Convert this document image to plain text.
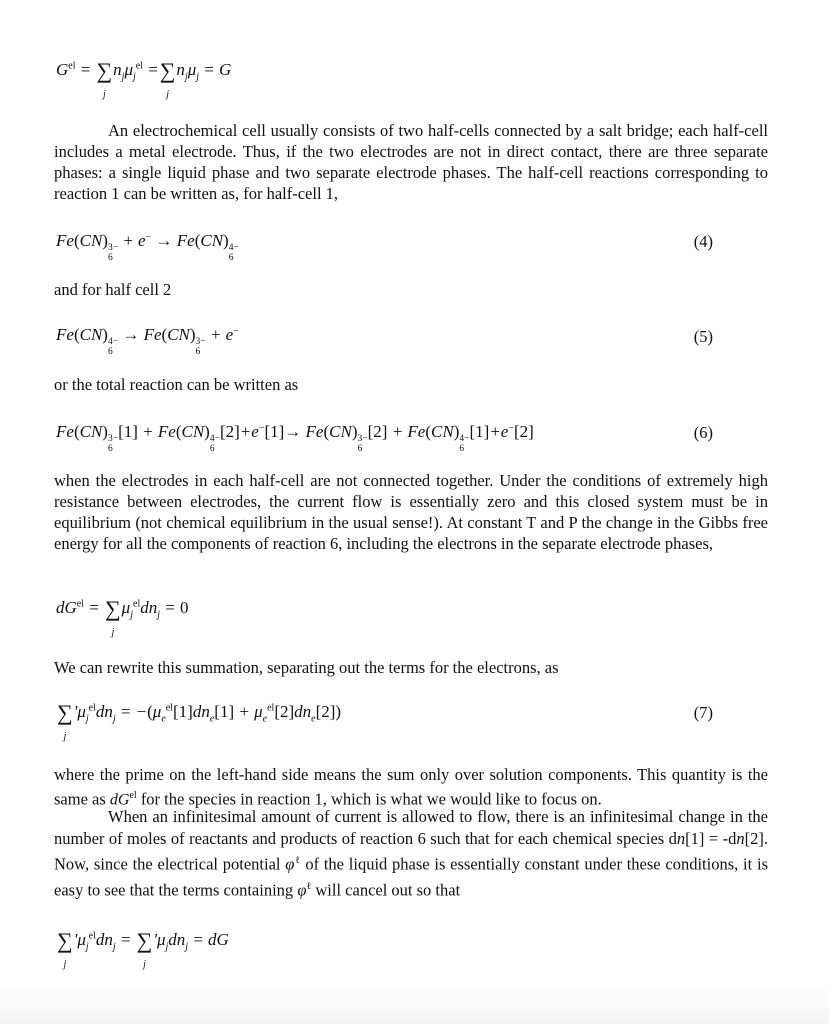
$G^{el}$ = ∑
j
$n_j\mu_j^{el}$ =∑
j
$n_j\mu_j = G$

An electrochemical cell usually consists of two half-cells connected by a salt bridge; each half-cell includes a metal electrode. Thus, if the two electrodes are not in direct contact, there are three separate phases: a single liquid phase and two separate electrode phases. The half-cell reactions corresponding to reaction 1 can be written as, for half-cell 1,

Fe(CN) 3−
6
+ e− → Fe(CN) 4−
6
(4)

and for half cell 2

Fe(CN) 4−
6
→ Fe(CN) 3−
6
+ e−	(5)

or the total reaction can be written as

Fe(CN) 3−
6
[1] + Fe(CN) 4−
6
[2]+e−[1]→ Fe(CN) 3−
6
[2] + Fe(CN) 4−
6
[1]+e−[2]	(6)

when the electrodes in each half-cell are not connected together. Under the conditions of extremely high resistance between electrodes, the current flow is essentially zero and this closed system must be in equilibrium (not chemical equilibrium in the usual sense!). At constant T and P the change in the Gibbs free energy for all the components of reaction 6, including the electrons in the separate electrode phases,

$dG^{el}$ = ∑
j
$\mu_j^{el}dn_j = 0$

We can rewrite this summation, separating out the terms for the electrons, as

∑
j
'$\mu_j^{el}dn_j = -(\mu_e^{el}[1]dn_e[1] + \mu_e^{el}[2]dn_e[2])$	(7)

where the prime on the left-hand side means the sum only over solution components. This quantity is the same as $dG^{el}$ for the species in reaction 1, which is what we would like to focus on.

When an infinitesimal amount of current is allowed to flow, there is an infinitesimal change in the number of moles of reactants and products of reaction 6 such that for each chemical species dn[1] = -dn[2]. Now, since the electrical potential $\varphi^\ell$ of the liquid phase is essentially constant under these conditions, it is easy to see that the terms containing $\varphi^\ell$ will cancel out so that

∑
j
'$\mu_j^{el}dn_j$ = ∑
j
'$\mu_jdn_j$ = dG
